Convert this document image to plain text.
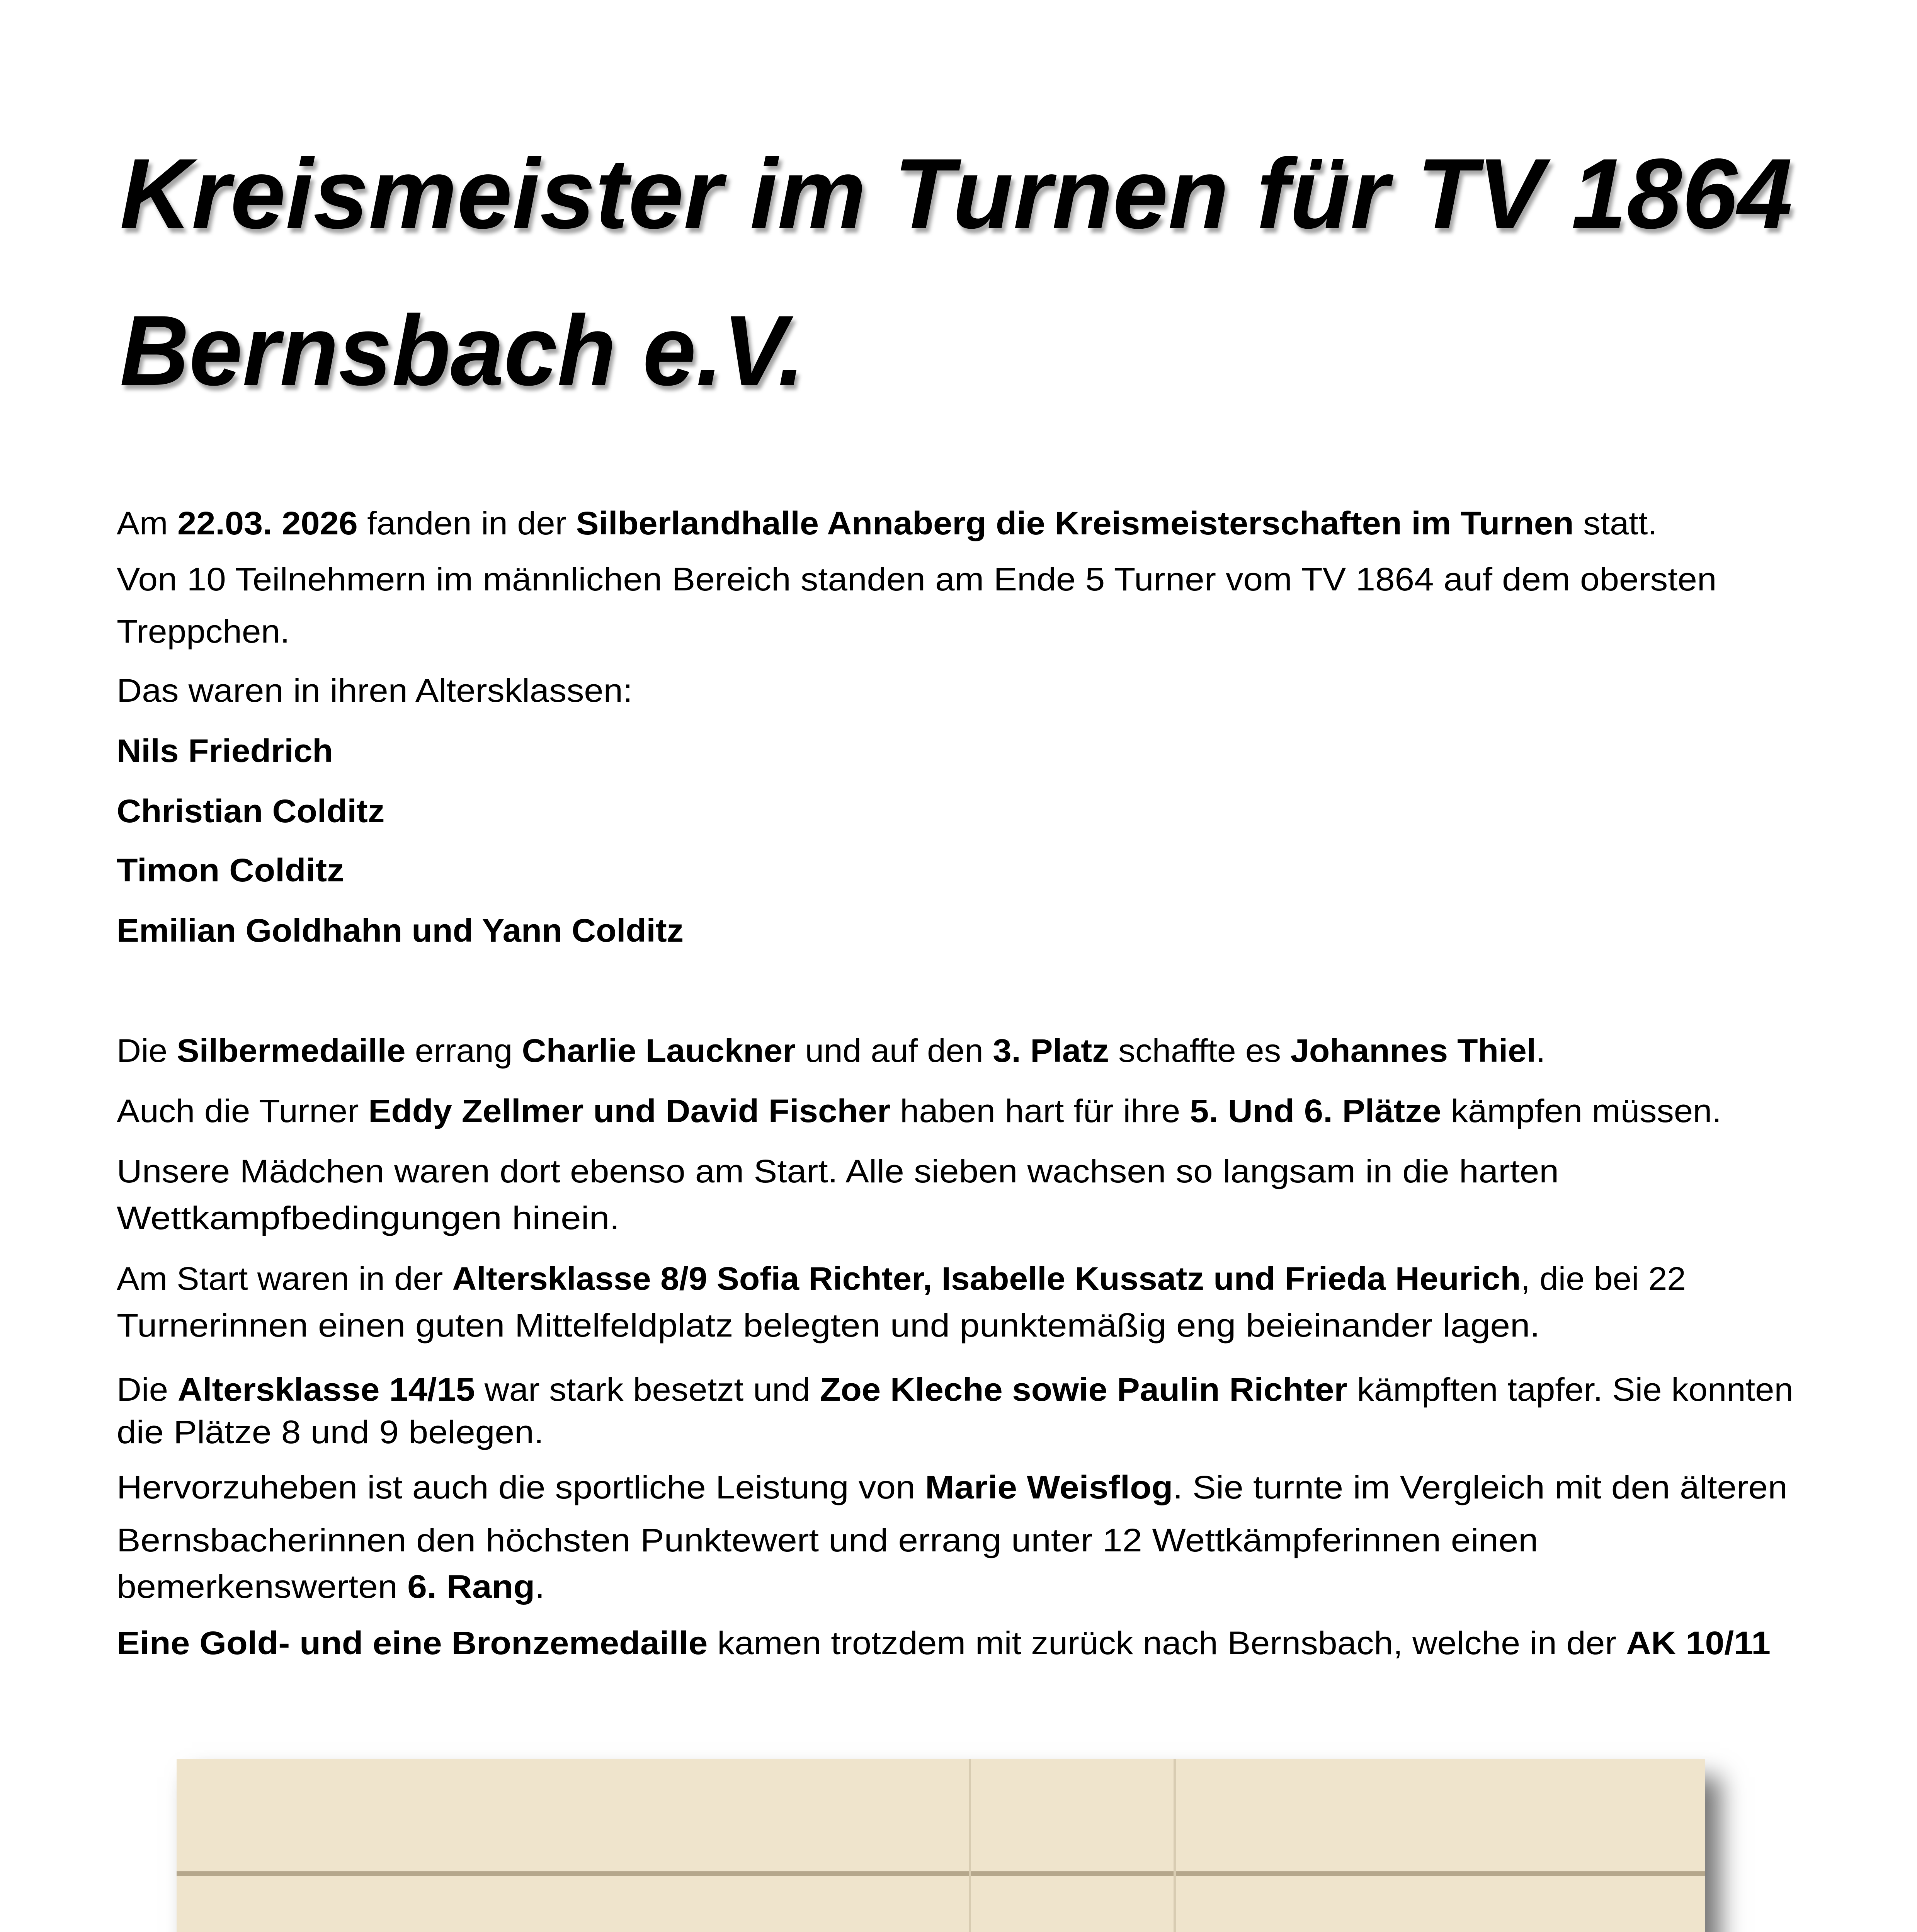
Kreismeister im Turnen für TV 1864
Bernsbach e.V.
Am 22.03. 2026 fanden in der Silberlandhalle Annaberg die Kreismeisterschaften im Turnen statt.
Von 10 Teilnehmern im männlichen Bereich standen am Ende 5 Turner vom TV 1864 auf dem obersten
Treppchen.
Das waren in ihren Altersklassen:
Nils Friedrich
Christian Colditz
Timon Colditz
Emilian Goldhahn und Yann Colditz
Die Silbermedaille errang Charlie Lauckner und auf den 3. Platz schaffte es Johannes Thiel.
Auch die Turner Eddy Zellmer und David Fischer haben hart für ihre 5. Und 6. Plätze kämpfen müssen.
Unsere Mädchen waren dort ebenso am Start. Alle sieben wachsen so langsam in die harten
Wettkampfbedingungen hinein.
Am Start waren in der Altersklasse 8/9 Sofia Richter, Isabelle Kussatz und Frieda Heurich, die bei 22
Turnerinnen einen guten Mittelfeldplatz belegten und punktemäßig eng beieinander lagen.
Die Altersklasse 14/15 war stark besetzt und Zoe Kleche sowie Paulin Richter kämpften tapfer. Sie konnten
die Plätze 8 und 9 belegen.
Hervorzuheben ist auch die sportliche Leistung von Marie Weisflog. Sie turnte im Vergleich mit den älteren
Bernsbacherinnen den höchsten Punktewert und errang unter 12 Wettkämpferinnen einen
bemerkenswerten 6. Rang.
Eine Gold- und eine Bronzemedaille kamen trotzdem mit zurück nach Bernsbach, welche in der AK 10/11
